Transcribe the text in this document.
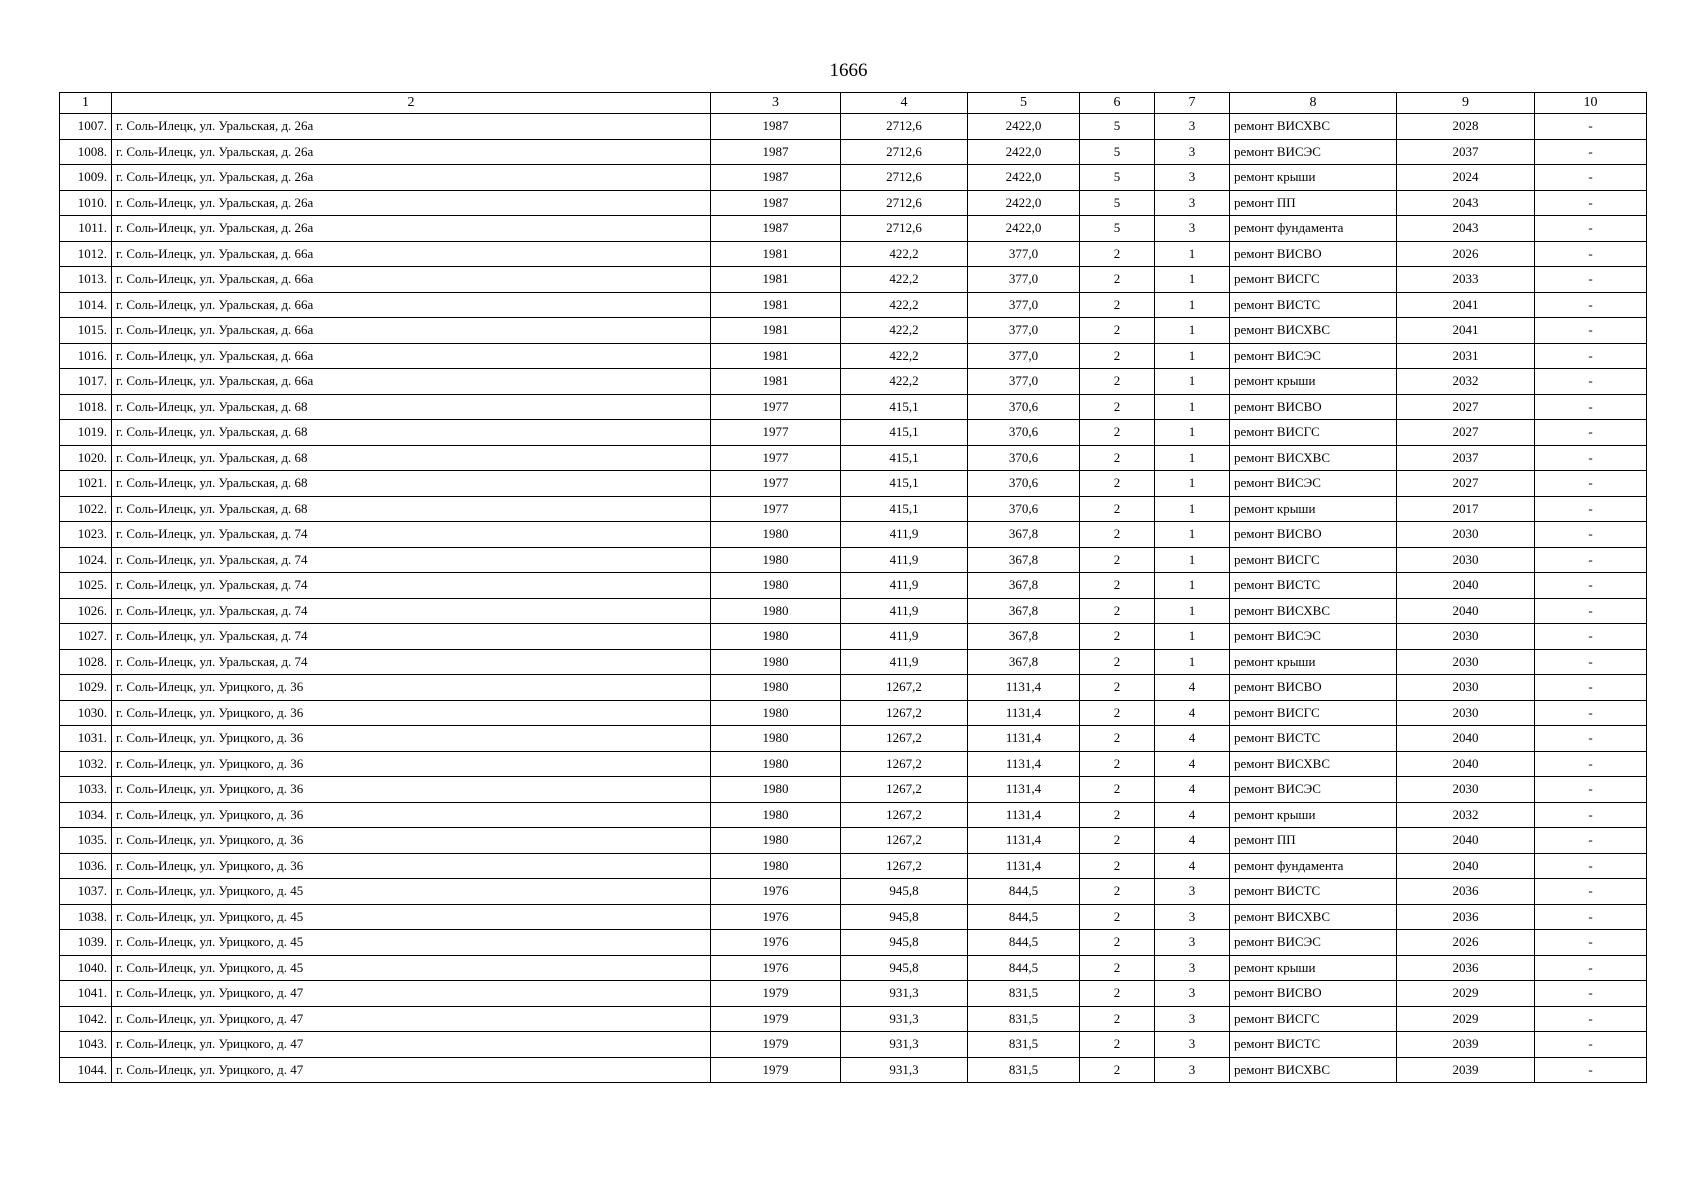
1666
1	2	3	4	5	6	7	8	9	10
1007.	г. Соль-Илецк, ул. Уральская, д. 26а	1987	2712,6	2422,0	5	3	ремонт ВИСХВС	2028	-
1008.	г. Соль-Илецк, ул. Уральская, д. 26а	1987	2712,6	2422,0	5	3	ремонт ВИСЭС	2037	-
1009.	г. Соль-Илецк, ул. Уральская, д. 26а	1987	2712,6	2422,0	5	3	ремонт крыши	2024	-
1010.	г. Соль-Илецк, ул. Уральская, д. 26а	1987	2712,6	2422,0	5	3	ремонт ПП	2043	-
1011.	г. Соль-Илецк, ул. Уральская, д. 26а	1987	2712,6	2422,0	5	3	ремонт фундамента	2043	-
1012.	г. Соль-Илецк, ул. Уральская, д. 66а	1981	422,2	377,0	2	1	ремонт ВИСВО	2026	-
1013.	г. Соль-Илецк, ул. Уральская, д. 66а	1981	422,2	377,0	2	1	ремонт ВИСГС	2033	-
1014.	г. Соль-Илецк, ул. Уральская, д. 66а	1981	422,2	377,0	2	1	ремонт ВИСТС	2041	-
1015.	г. Соль-Илецк, ул. Уральская, д. 66а	1981	422,2	377,0	2	1	ремонт ВИСХВС	2041	-
1016.	г. Соль-Илецк, ул. Уральская, д. 66а	1981	422,2	377,0	2	1	ремонт ВИСЭС	2031	-
1017.	г. Соль-Илецк, ул. Уральская, д. 66а	1981	422,2	377,0	2	1	ремонт крыши	2032	-
1018.	г. Соль-Илецк, ул. Уральская, д. 68	1977	415,1	370,6	2	1	ремонт ВИСВО	2027	-
1019.	г. Соль-Илецк, ул. Уральская, д. 68	1977	415,1	370,6	2	1	ремонт ВИСГС	2027	-
1020.	г. Соль-Илецк, ул. Уральская, д. 68	1977	415,1	370,6	2	1	ремонт ВИСХВС	2037	-
1021.	г. Соль-Илецк, ул. Уральская, д. 68	1977	415,1	370,6	2	1	ремонт ВИСЭС	2027	-
1022.	г. Соль-Илецк, ул. Уральская, д. 68	1977	415,1	370,6	2	1	ремонт крыши	2017	-
1023.	г. Соль-Илецк, ул. Уральская, д. 74	1980	411,9	367,8	2	1	ремонт ВИСВО	2030	-
1024.	г. Соль-Илецк, ул. Уральская, д. 74	1980	411,9	367,8	2	1	ремонт ВИСГС	2030	-
1025.	г. Соль-Илецк, ул. Уральская, д. 74	1980	411,9	367,8	2	1	ремонт ВИСТС	2040	-
1026.	г. Соль-Илецк, ул. Уральская, д. 74	1980	411,9	367,8	2	1	ремонт ВИСХВС	2040	-
1027.	г. Соль-Илецк, ул. Уральская, д. 74	1980	411,9	367,8	2	1	ремонт ВИСЭС	2030	-
1028.	г. Соль-Илецк, ул. Уральская, д. 74	1980	411,9	367,8	2	1	ремонт крыши	2030	-
1029.	г. Соль-Илецк, ул. Урицкого, д. 36	1980	1267,2	1131,4	2	4	ремонт ВИСВО	2030	-
1030.	г. Соль-Илецк, ул. Урицкого, д. 36	1980	1267,2	1131,4	2	4	ремонт ВИСГС	2030	-
1031.	г. Соль-Илецк, ул. Урицкого, д. 36	1980	1267,2	1131,4	2	4	ремонт ВИСТС	2040	-
1032.	г. Соль-Илецк, ул. Урицкого, д. 36	1980	1267,2	1131,4	2	4	ремонт ВИСХВС	2040	-
1033.	г. Соль-Илецк, ул. Урицкого, д. 36	1980	1267,2	1131,4	2	4	ремонт ВИСЭС	2030	-
1034.	г. Соль-Илецк, ул. Урицкого, д. 36	1980	1267,2	1131,4	2	4	ремонт крыши	2032	-
1035.	г. Соль-Илецк, ул. Урицкого, д. 36	1980	1267,2	1131,4	2	4	ремонт ПП	2040	-
1036.	г. Соль-Илецк, ул. Урицкого, д. 36	1980	1267,2	1131,4	2	4	ремонт фундамента	2040	-
1037.	г. Соль-Илецк, ул. Урицкого, д. 45	1976	945,8	844,5	2	3	ремонт ВИСТС	2036	-
1038.	г. Соль-Илецк, ул. Урицкого, д. 45	1976	945,8	844,5	2	3	ремонт ВИСХВС	2036	-
1039.	г. Соль-Илецк, ул. Урицкого, д. 45	1976	945,8	844,5	2	3	ремонт ВИСЭС	2026	-
1040.	г. Соль-Илецк, ул. Урицкого, д. 45	1976	945,8	844,5	2	3	ремонт крыши	2036	-
1041.	г. Соль-Илецк, ул. Урицкого, д. 47	1979	931,3	831,5	2	3	ремонт ВИСВО	2029	-
1042.	г. Соль-Илецк, ул. Урицкого, д. 47	1979	931,3	831,5	2	3	ремонт ВИСГС	2029	-
1043.	г. Соль-Илецк, ул. Урицкого, д. 47	1979	931,3	831,5	2	3	ремонт ВИСТС	2039	-
1044.	г. Соль-Илецк, ул. Урицкого, д. 47	1979	931,3	831,5	2	3	ремонт ВИСХВС	2039	-
